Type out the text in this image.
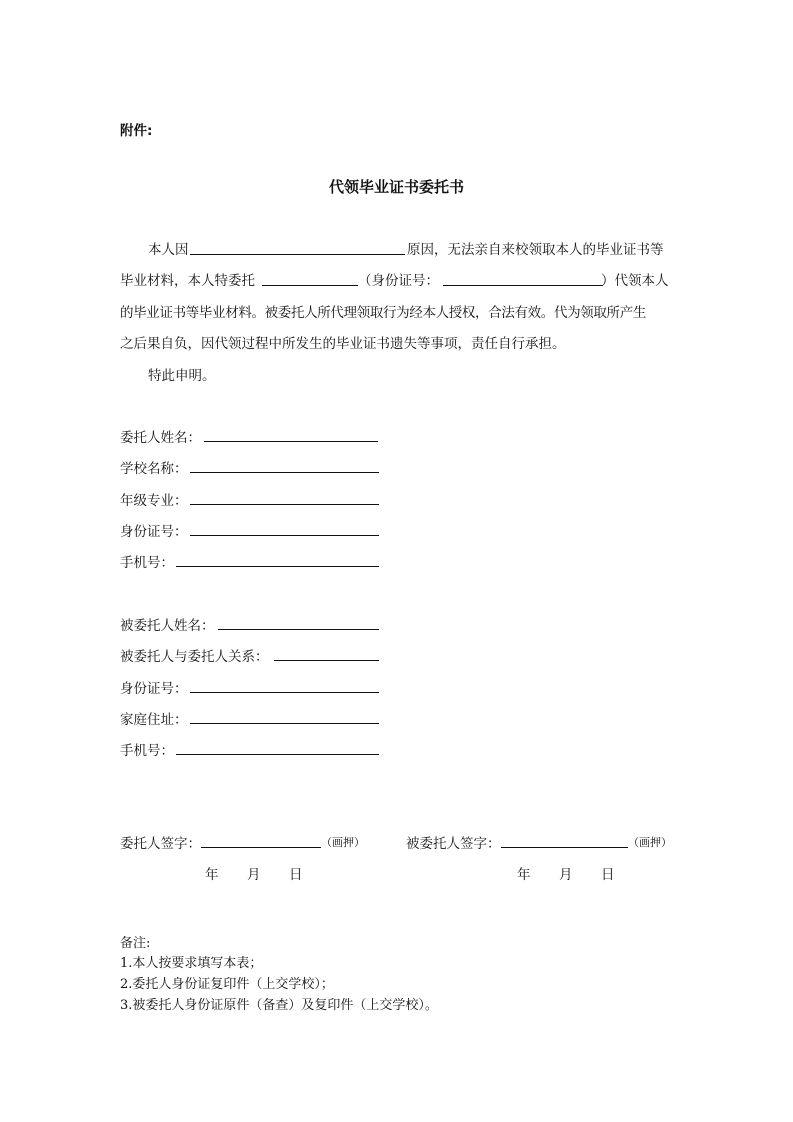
附件:
代领毕业证书委托书
本人因	原因，无法亲自来校领取本人的毕业证书等
毕业材料，本人特委托	（身份证号：	）代领本人
的毕业证书等毕业材料。被委托人所代理领取行为经本人授权，合法有效。代为领取所产生
之后果自负，因代领过程中所发生的毕业证书遗失等事项，责任自行承担。
特此申明。
委托人姓名：
学校名称：
年级专业：
身份证号：
手机号：
被委托人姓名：
被委托人与委托人关系：
身份证号：
家庭住址：
手机号：
委托人签字：	（画押）	被委托人签字：	（画押）
年 月 日	年 月 日
备注:
1.本人按要求填写本表；
2.委托人身份证复印件（上交学校）；
3.被委托人身份证原件（备查）及复印件（上交学校）。
